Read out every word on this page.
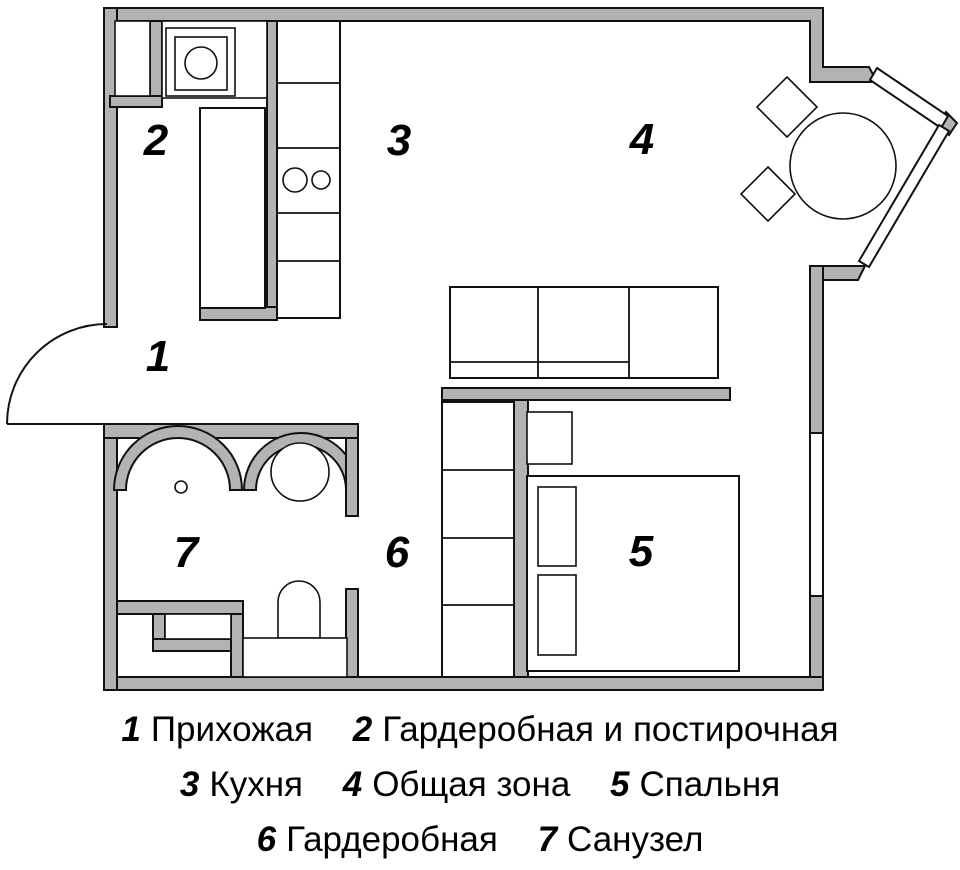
1
2	3	4
5
6
7
1 Прихожая 2 Гардеробная и постирочная
3 Кухня 4 Общая зона 5 Спальня
6 Гардеробная 7 Санузел
